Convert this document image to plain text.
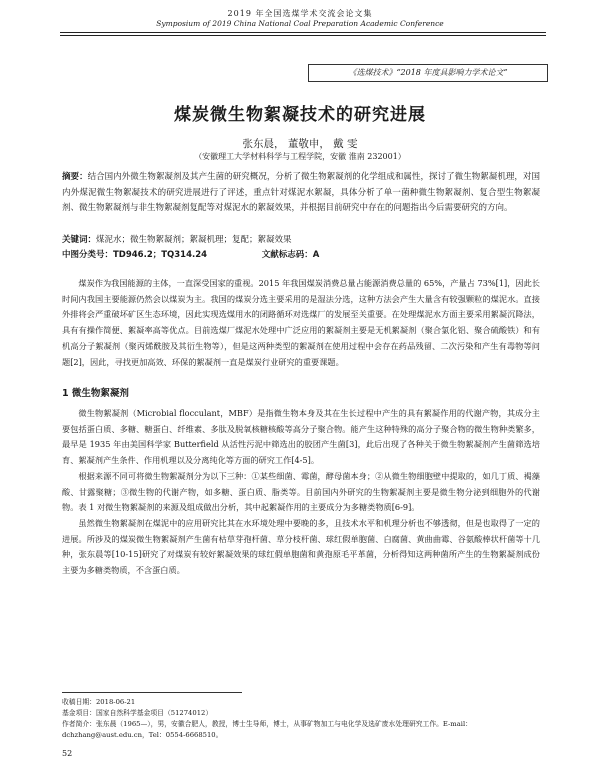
2019 年全国选煤学术交流会论文集
Symposium of 2019 China National Coal Preparation Academic Conference
《选煤技术》“2018 年度具影响力学术论文”
煤炭微生物絮凝技术的研究进展
张东晨， 董敬申， 戴 雯
（安徽理工大学材料科学与工程学院，安徽 淮南 232001）
摘要：结合国内外微生物絮凝剂及其产生菌的研究概况，分析了微生物絮凝剂的化学组成和属性，探讨了微生物絮凝机理，对国内外煤泥微生物絮凝技术的研究进展进行了评述，重点针对煤泥水絮凝，具体分析了单一菌种微生物絮凝剂、复合型生物絮凝剂、微生物絮凝剂与非生物絮凝剂复配等对煤泥水的絮凝效果，并根据目前研究中存在的问题指出今后需要研究的方向。
关键词：煤泥水；微生物絮凝剂；絮凝机理；复配；絮凝效果
中图分类号：TD946.2；TQ314.24	文献标志码：A

煤炭作为我国能源的主体，一直深受国家的重视。2015 年我国煤炭消费总量占能源消费总量的 65%，产量占 73%[1]，因此长时间内我国主要能源仍然会以煤炭为主。我国的煤炭分选主要采用的是湿法分选，这种方法会产生大量含有较强颗粒的煤泥水。直接外排将会严重破坏矿区生态环境，因此实现选煤用水的闭路循环对选煤厂的发展至关重要。在处理煤泥水方面主要采用絮凝沉降法，具有有操作简便、絮凝率高等优点。目前选煤厂煤泥水处理中广泛应用的絮凝剂主要是无机絮凝剂（聚合氯化铝、聚合硫酸铁）和有机高分子絮凝剂（聚丙烯酰胺及其衍生物等），但是这两种类型的絮凝剂在使用过程中会存在药品残留、二次污染和产生有毒物等问题[2]，因此，寻找更加高效、环保的絮凝剂一直是煤炭行业研究的重要课题。

1 微生物絮凝剂

微生物絮凝剂（Microbial flocculant，MBF）是指微生物本身及其在生长过程中产生的具有絮凝作用的代谢产物，其成分主要包括蛋白质、多糖、糖蛋白、纤维素、多肽及脱氧核糖核酸等高分子聚合物。能产生这种特殊的高分子聚合物的微生物种类繁多，最早是 1935 年由美国科学家 Butterfield 从活性污泥中筛选出的胶团产生菌[3]，此后出现了各种关于微生物絮凝剂产生菌筛选培育、絮凝剂产生条件、作用机理以及分离纯化等方面的研究工作[4-5]。

根据来源不同可将微生物絮凝剂分为以下三种：①某些细菌、霉菌，酵母菌本身；②从微生物细胞壁中提取的，如几丁质、褐藻酸、甘露聚糖；③微生物的代谢产物，如多糖、蛋白质、脂类等。目前国内外研究的生物絮凝剂主要是微生物分泌到细胞外的代谢物。表 1 对微生物絮凝剂的来源及组成做出分析，其中起絮凝作用的主要成分为多糖类物质[6-9]。

虽然微生物絮凝剂在煤泥中的应用研究比其在水环境处理中要晚的多，且技术水平和机理分析也不够透彻，但是也取得了一定的进展。所涉及的煤炭微生物絮凝剂产生菌有枯草芽孢杆菌、草分枝杆菌、球红假单胞菌、白腐菌、黄曲曲霉、谷氨酸棒状杆菌等十几种，张东晨等[10-15]研究了对煤炭有较好絮凝效果的球红假单胞菌和黄孢原毛平革菌，分析得知这两种菌所产生的生物絮凝剂成份主要为多糖类物质，不含蛋白质。

收稿日期：2018-06-21
基金项目：国家自然科学基金项目（51274012）
作者简介：张东晨（1965—），男，安徽合肥人，教授，博士生导师，博士，从事矿物加工与电化学及选矿废水处理研究工作。E-mail：dchzhang@aust.edu.cn，Tel：0554-6668510。
52
